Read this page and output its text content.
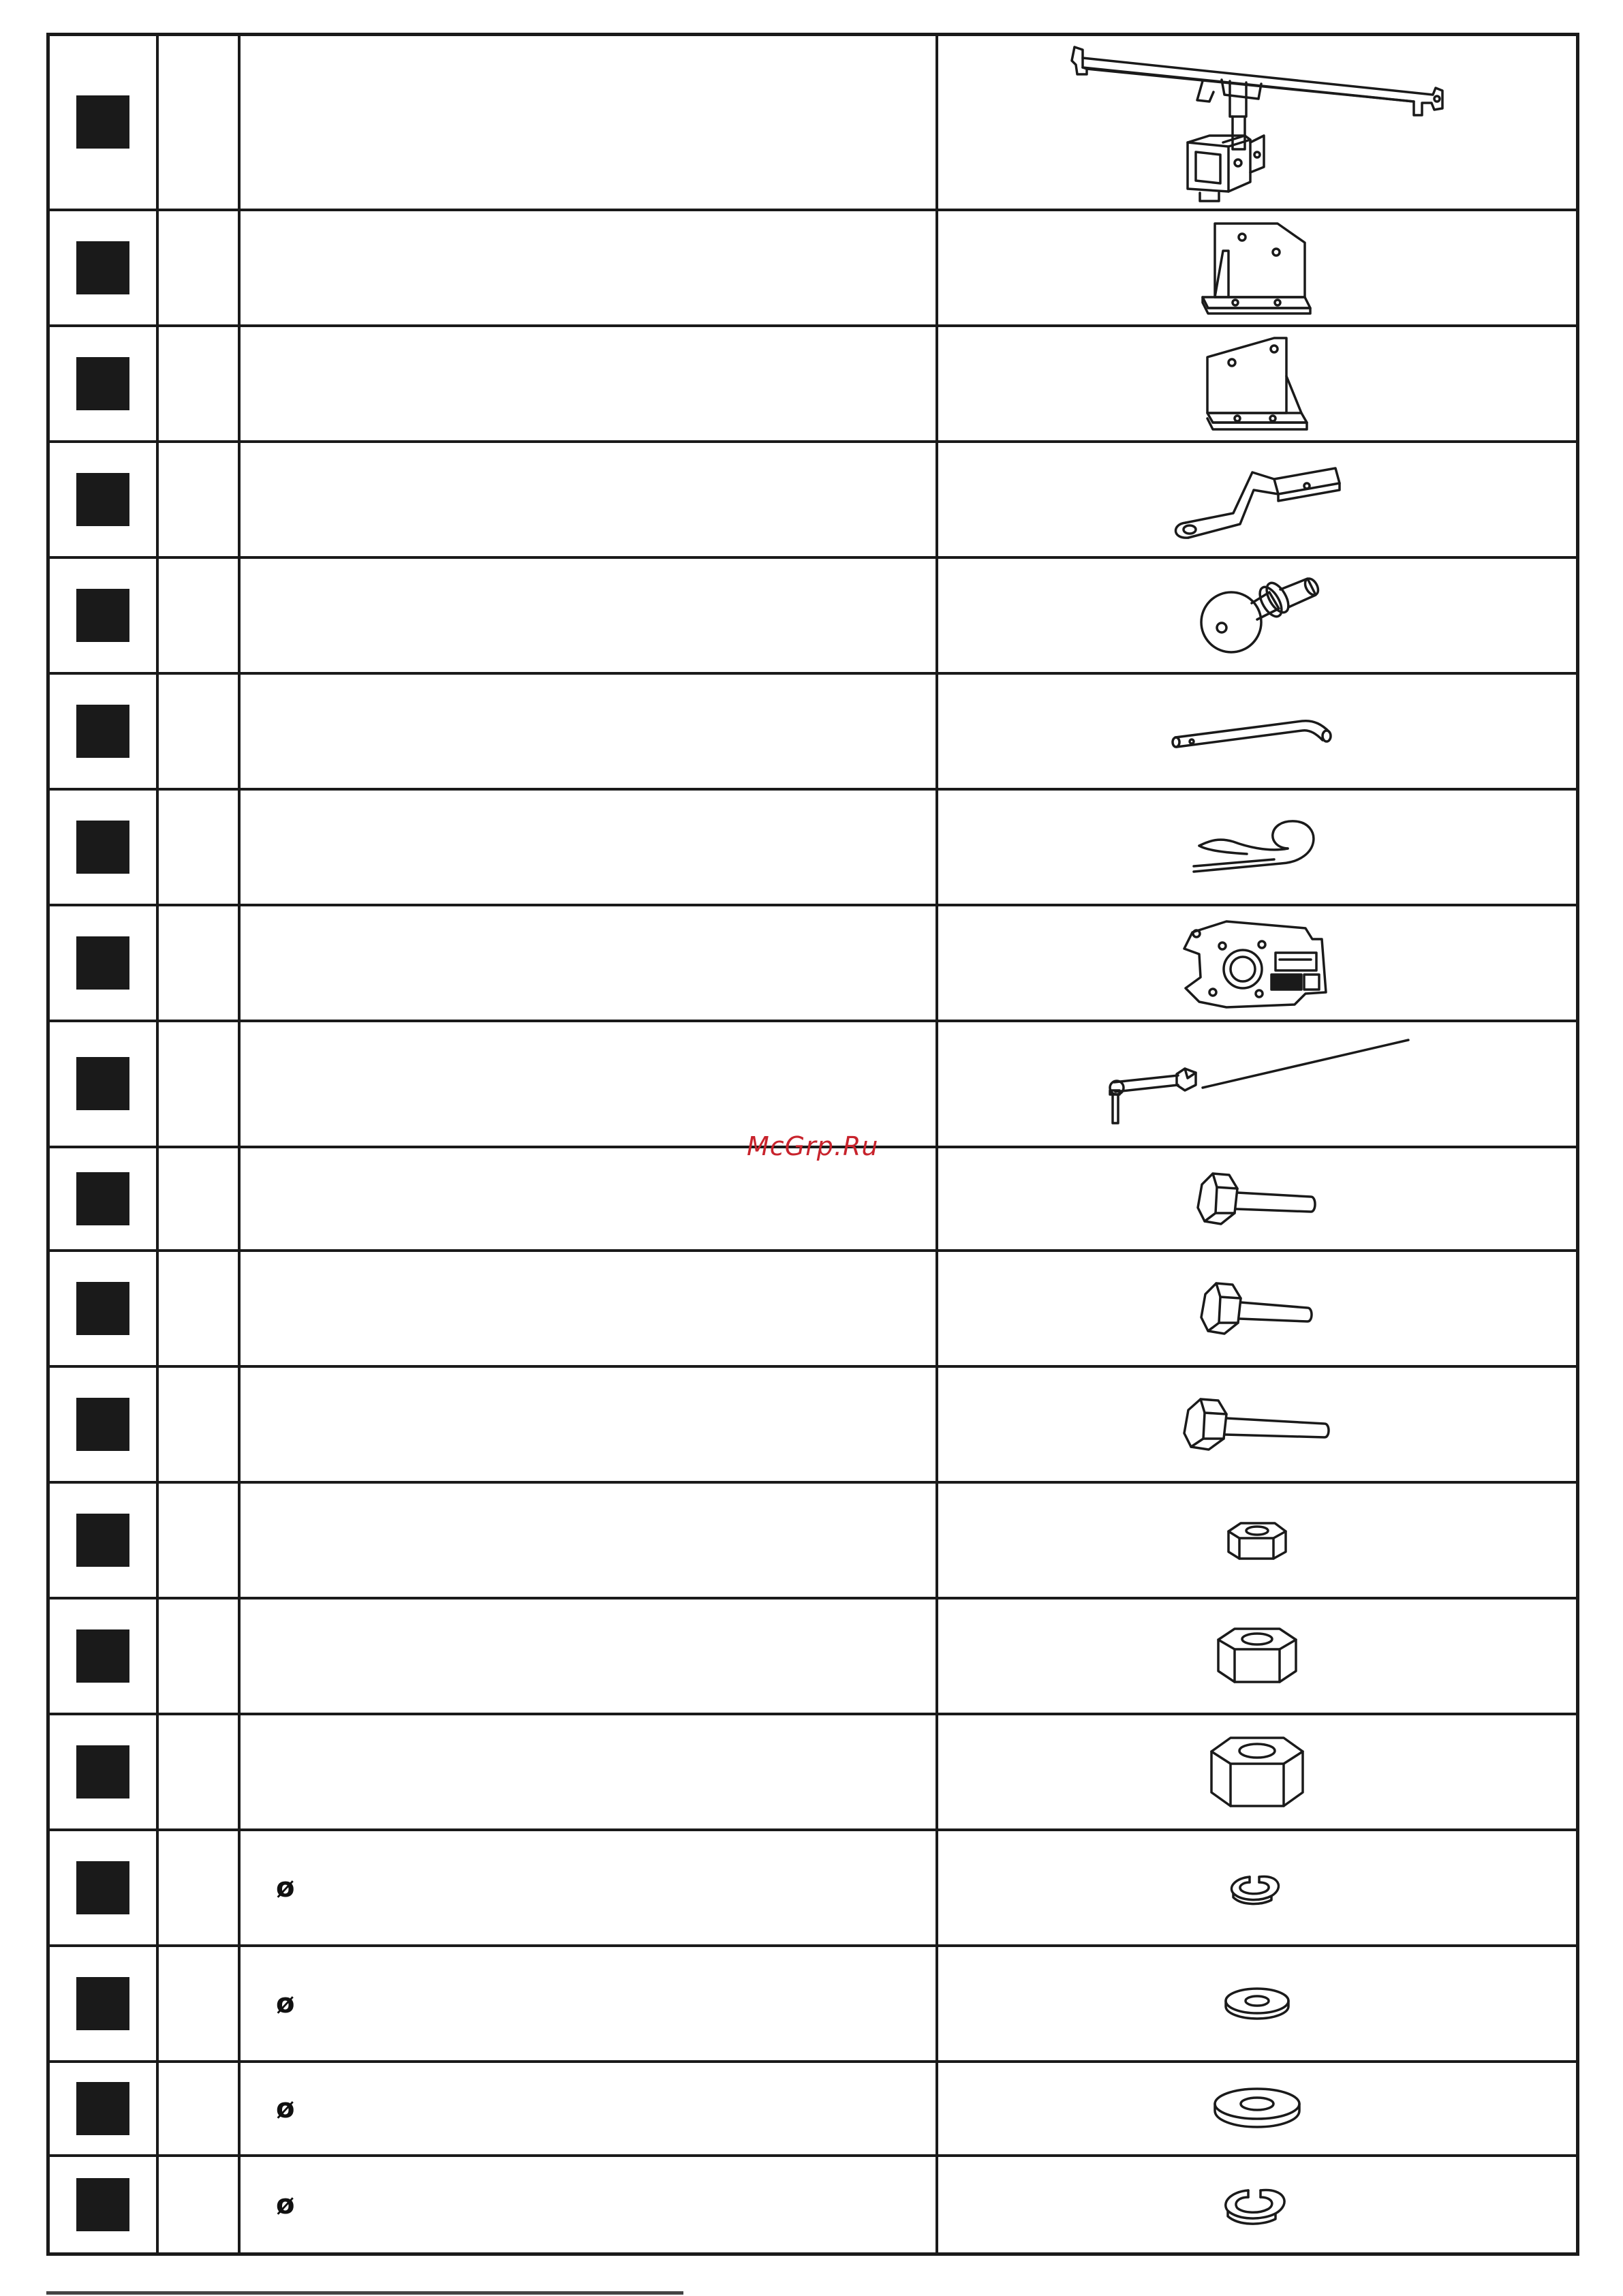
		ø	

		ø	

		ø	

		ø	
McGrp.Ru
